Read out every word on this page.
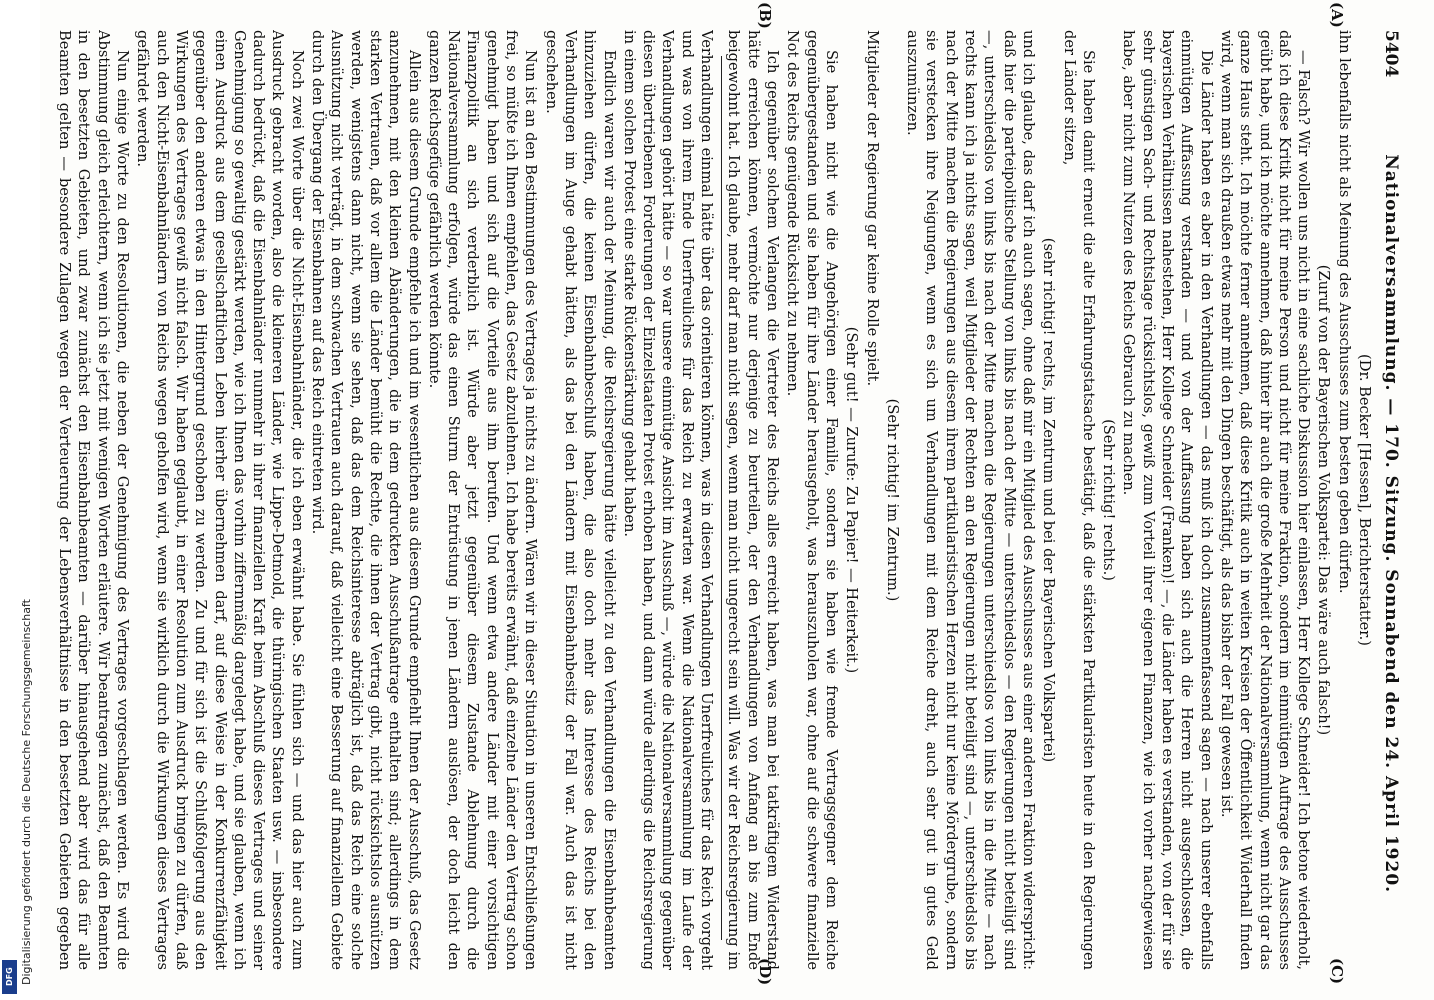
Digitalisierung gefördert durch die Deutsche Forschungsgemeinschaft
DFG
5404
Nationalversammlung. — 170. Sitzung. Sonnabend den 24. April 1920.
(A)
(B)
(C)
(D)

(Dr. Becker [Hessen], Berichterstatter.)

ihn lebenfalls nicht als Meinung des Ausschusses zum besten geben dürfen.

(Zuruf von der Bayerischen Volkspartei: Das wäre auch falsch!)

— Falsch? Wir wollen uns nicht in eine sachliche Diskussion hier einlassen, Herr Kollege Schneider! Ich betone wiederholt, daß ich diese Kritik nicht für meine Person und nicht für meine Fraktion, sondern im einmütigen Auftrage des Ausschusses geübt habe, und ich möchte annehmen, daß hinter ihr auch die große Mehrheit der Nationalversammlung, wenn nicht gar das ganze Haus steht. Ich möchte ferner annehmen, daß diese Kritik auch in weiten Kreisen der Öffentlichkeit Widerhall finden wird, wenn man sich draußen etwas mehr mit den Dingen beschäftigt, als das bisher der Fall gewesen ist.

Die Länder haben es aber in den Verhandlungen — das muß ich doch zusammenfassend sagen — nach unserer ebenfalls einmütigen Auffassung verstanden — und von der Auffassung haben sich auch die Herren nicht ausgeschlossen, die bayerischen Verhältnissen nahestehen, Herr Kollege Schneider (Franken)! —, die Länder haben es verstanden, von der für sie sehr günstigen Sach- und Rechtslage rücksichtslos, gewiß zum Vorteil ihrer eigenen Finanzen, wie ich vorher nachgewiesen habe, aber nicht zum Nutzen des Reichs Gebrauch zu machen.

(Sehr richtig! rechts.)

Sie haben damit erneut die alte Erfahrungstatsache bestätigt, daß die stärksten Partikularisten heute in den Regierungen der Länder sitzen,

(sehr richtig! rechts, im Zentrum und bei der Bayerischen Volkspartei)

und ich glaube, das darf ich auch sagen, ohne daß mir ein Mitglied des Ausschusses aus einer anderen Fraktion widerspricht: daß hier die parteipolitische Stellung von links bis nach der Mitte — unterschiedslos — den Regierungen nicht beteiligt sind —, unterschiedslos von links bis nach der Mitte machen die Regierungen unterschiedslos von links bis in die Mitte — nach rechts kann ich ja nichts sagen, weil Mitglieder der Rechten an den Regierungen nicht beteiligt sind —, unterschiedslos bis nach der Mitte machen die Regierungen aus diesem ihrem partikularistischen Herzen nicht nur keine Mördergrube, sondern sie verstecken ihre Neigungen, wenn es sich um Verhandlungen mit dem Reiche dreht, auch sehr gut in gutes Geld auszumünzen.

(Sehr richtig! im Zentrum.)

Mitglieder der Regierung gar keine Rolle spielt.

(Sehr gut! — Zurufe: Zu Papier! — Heiterkeit.)

Sie haben nicht wie die Angehörigen einer Familie, sondern sie haben wie fremde Vertragsgegner dem Reiche gegenübergestanden und sie haben für ihre Länder herausgeholt, was herauszuholen war, ohne auf die schwere finanzielle Not des Reichs genügende Rücksicht zu nehmen.

Ich gegenüber solchem Verlangen die Vertreter des Reichs alles erreicht haben, was man bei tatkräftigem Widerstand hätte erreichen können, vermöchte nur derjenige zu beurteilen, der den Verhandlungen von Anfang an bis zum Ende beigewohnt hat. Ich glaube, mehr darf man nicht sagen, wenn man nicht ungerecht sein will. Was wir der Reichsregierung im

Verhandlungen einmal hätte über das orientieren können, was in diesen Verhandlungen Unerfreuliches für das Reich vorgeht und was von ihrem Ende Unerfreuliches für das Reich zu erwarten war. Wenn die Nationalversammlung im Laufe der Verhandlungen gehört hätte — so war unsere einmütige Ansicht im Ausschuß —, würde die Nationalversammlung gegenüber diesen übertriebenen Forderungen der Einzelstaaten Protest erhoben haben, und dann würde allerdings die Reichsregierung in einem solchen Protest eine starke Rückenstärkung gehabt haben.

Endlich waren wir auch der Meinung, die Reichsregierung hätte vielleicht zu den Verhandlungen die Eisenbahnbeamten hinzuziehen dürfen, die keinen Eisenbahnbeschluß haben, die also doch mehr das Interesse des Reichs bei den Verhandlungen im Auge gehabt hätten, als das bei den Ländern mit Eisenbahnbesitz der Fall war. Auch das ist nicht geschehen.

Nun ist an den Bestimmungen des Vertrages ja nichts zu ändern. Wären wir in dieser Situation in unseren Entschließungen frei, so müßte ich Ihnen empfehlen, das Gesetz abzulehnen. Ich habe bereits erwähnt, daß einzelne Länder den Vertrag schon genehmigt haben und sich auf die Vorteile aus ihm berufen. Und wenn etwa andere Länder mit einer vorsichtigen Finanzpolitik an sich verderblich ist. Würde aber jetzt gegenüber diesem Zustande Ablehnung durch die Nationalversammlung erfolgen, würde das einen Sturm der Entrüstung in jenen Ländern auslösen, der doch leicht den ganzen Reichsgefüge gefährlich werden könnte.

Allein aus diesem Grunde empfehle ich und im wesentlichen aus diesem Grunde empfiehlt Ihnen der Ausschuß, das Gesetz anzunehmen, mit den kleinen Abänderungen, die in dem gedruckten Ausschußantrage enthalten sind; allerdings in dem starken Vertrauen, daß vor allem die Länder bemüht die Rechte, die ihnen der Vertrag gibt, nicht rücksichtslos ausnützen werden, wenigstens dann nicht, wenn sie sehen, daß das dem Reichsinteresse abträglich ist, daß das Reich eine solche Ausnützung nicht verträgt, in dem schwachen Vertrauen auch darauf, daß vielleicht eine Besserung auf finanziellem Gebiete durch den Übergang der Eisenbahnen auf das Reich eintreten wird.

Noch zwei Worte über die Nicht-Eisenbahnländer, die ich eben erwähnt habe. Sie fühlen sich — und das hier auch zum Ausdruck gebracht worden, also die kleineren Länder, wie Lippe-Detmold, die thüringischen Staaten usw. — insbesondere dadurch bedrückt, daß die Eisenbahnländer nunmehr in ihrer finanziellen Kraft beim Abschluß dieses Vertrages und seiner Genehmigung so gewaltig gestärkt werden, wie ich Ihnen das vorhin ziffernmäßig dargelegt habe, und sie glauben, wenn ich einen Ausdruck aus dem gesellschaftlichen Leben hierher übernehmen darf, auf diese Weise in der Konkurrenzfähigkeit gegenüber den anderen etwas in den Hintergrund geschoben zu werden. Zu und für sich ist die Schlußfolgerung aus den Wirkungen des Vertrages gewiß nicht falsch. Wir haben geglaubt, in einer Resolution zum Ausdruck bringen zu dürfen, daß auch den Nicht-Eisenbahnländern von Reichs wegen geholfen wird, wenn sie wirklich durch die Wirkungen dieses Vertrages gefährdet werden.

Nun einige Worte zu den Resolutionen, die neben der Genehmigung des Vertrages vorgeschlagen werden. Es wird die Abstimmung gleich erleichtern, wenn ich sie jetzt mit wenigen Worten erläutere. Wir beantragen zunächst, daß den Beamten in den besetzten Gebieten, und zwar zunächst den Eisenbahnbeamten — darüber hinausgehend aber wird das für alle Beamten gelten — besondere Zulagen wegen der Verteuerung der Lebensverhältnisse in den besetzten Gebieten gegeben
